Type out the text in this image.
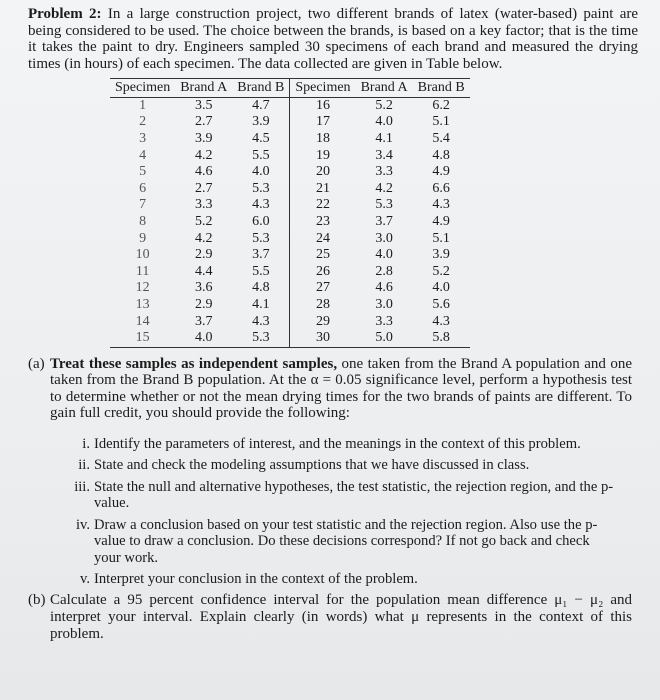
Problem 2: In a large construction project, two different brands of latex (water-based) paint are being considered to be used. The choice between the brands, is based on a key factor; that is the time it takes the paint to dry. Engineers sampled 30 specimens of each brand and measured the drying times (in hours) of each specimen. The data collected are given in Table below.

Specimen	Brand A	Brand B	Specimen	Brand A	Brand B
1	3.5	4.7	16	5.2	6.2
2	2.7	3.9	17	4.0	5.1
3	3.9	4.5	18	4.1	5.4
4	4.2	5.5	19	3.4	4.8
5	4.6	4.0	20	3.3	4.9
6	2.7	5.3	21	4.2	6.6
7	3.3	4.3	22	5.3	4.3
8	5.2	6.0	23	3.7	4.9
9	4.2	5.3	24	3.0	5.1
10	2.9	3.7	25	4.0	3.9
11	4.4	5.5	26	2.8	5.2
12	3.6	4.8	27	4.6	4.0
13	2.9	4.1	28	3.0	5.6
14	3.7	4.3	29	3.3	4.3
15	4.0	5.3	30	5.0	5.8
(a) Treat these samples as independent samples, one taken from the Brand A population and one taken from the Brand B population. At the α = 0.05 significance level, perform a hypothesis test to determine whether or not the mean drying times for the two brands of paints are different. To gain full credit, you should provide the following:
i. Identify the parameters of interest, and the meanings in the context of this problem.
ii. State and check the modeling assumptions that we have discussed in class.
iii. State the null and alternative hypotheses, the test statistic, the rejection region, and the p-value.
iv. Draw a conclusion based on your test statistic and the rejection region. Also use the p-value to draw a conclusion. Do these decisions correspond? If not go back and check your work.
v. Interpret your conclusion in the context of the problem.
(b) Calculate a 95 percent confidence interval for the population mean difference μ₁ − μ₂ and interpret your interval. Explain clearly (in words) what μ represents in the context of this problem.
